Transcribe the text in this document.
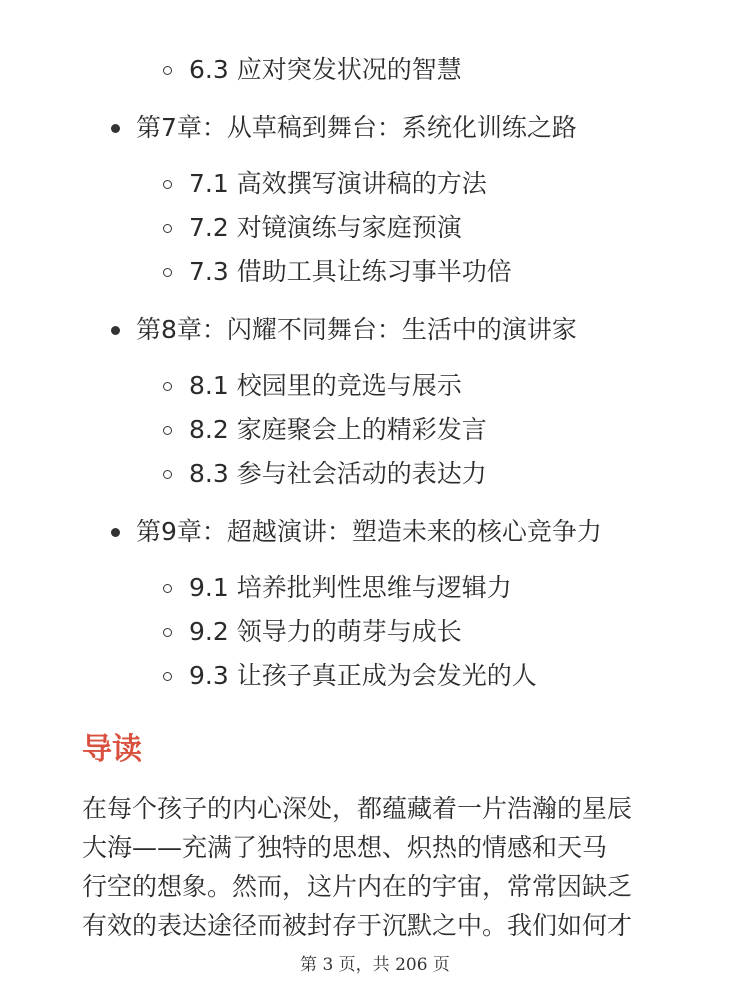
6.3 应对突发状况的智慧
第7章：从草稿到舞台：系统化训练之路
7.1 高效撰写演讲稿的方法
7.2 对镜演练与家庭预演
7.3 借助工具让练习事半功倍
第8章：闪耀不同舞台：生活中的演讲家
8.1 校园里的竞选与展示
8.2 家庭聚会上的精彩发言
8.3 参与社会活动的表达力
第9章：超越演讲：塑造未来的核心竞争力
9.1 培养批判性思维与逻辑力
9.2 领导力的萌芽与成长
9.3 让孩子真正成为会发光的人
导读
在每个孩子的内心深处，都蕴藏着一片浩瀚的星辰
大海——充满了独特的思想、炽热的情感和天马
行空的想象。然而，这片内在的宇宙，常常因缺乏
有效的表达途径而被封存于沉默之中。我们如何才
第 3 页，共 206 页
